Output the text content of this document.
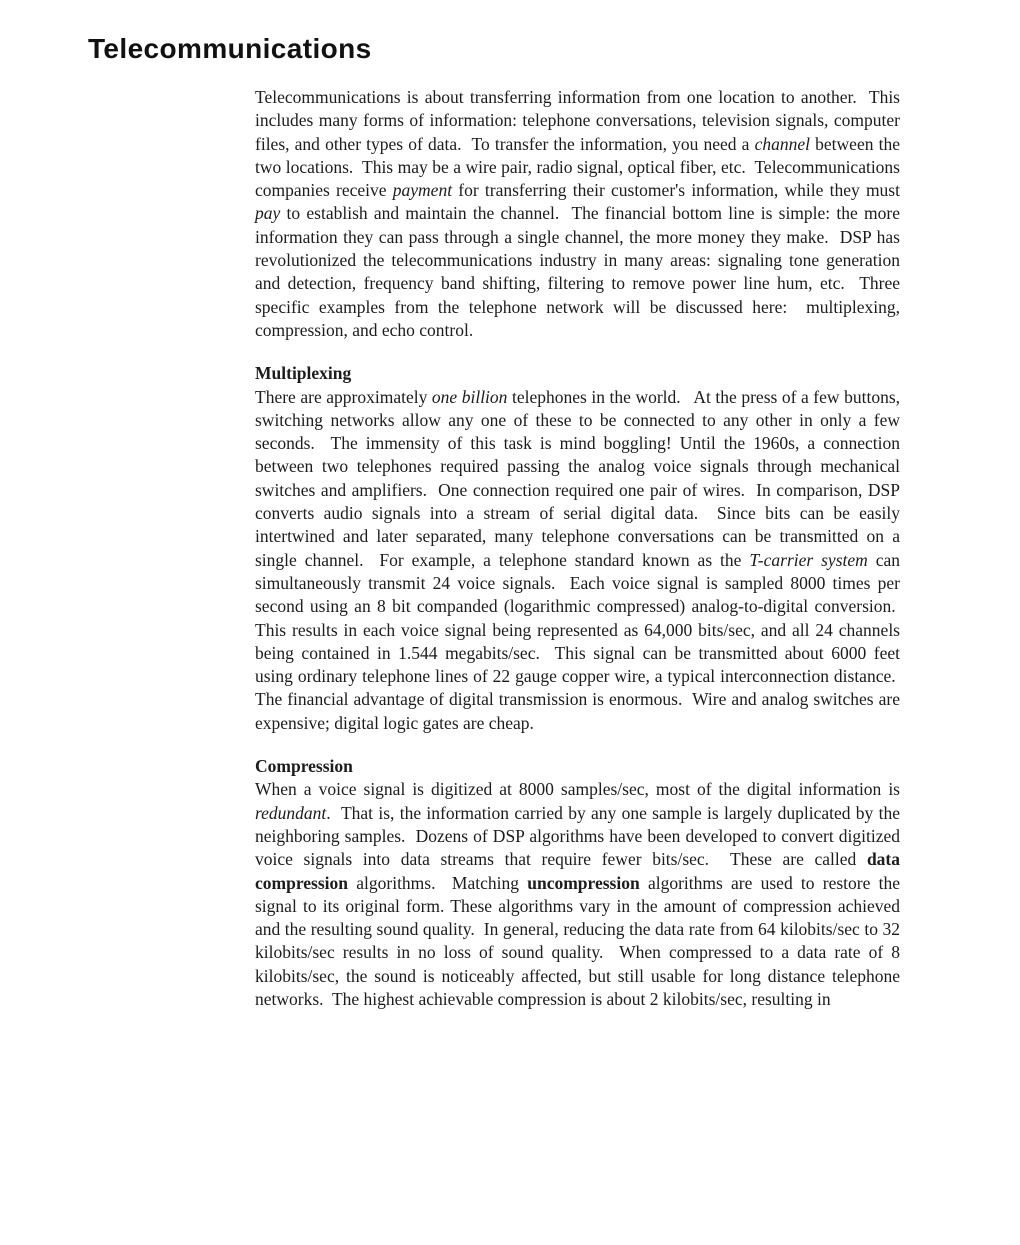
Telecommunications

Telecommunications is about transferring information from one location to another.  This includes many forms of information: telephone conversations, television signals, computer files, and other types of data.  To transfer the information, you need a channel between the two locations.  This may be a wire pair, radio signal, optical fiber, etc.  Telecommunications companies receive payment for transferring their customer's information, while they must pay to establish and maintain the channel.  The financial bottom line is simple: the more information they can pass through a single channel, the more money they make.  DSP has revolutionized the telecommunications industry in many areas: signaling tone generation and detection, frequency band shifting, filtering to remove power line hum, etc.  Three specific examples from the telephone network will be discussed here:  multiplexing, compression, and echo control.

Multiplexing

There are approximately one billion telephones in the world.   At the press of a few buttons, switching networks allow any one of these to be connected to any other in only a few seconds.  The immensity of this task is mind boggling! Until the 1960s, a connection between two telephones required passing the analog voice signals through mechanical switches and amplifiers.  One connection required one pair of wires.  In comparison, DSP converts audio signals into a stream of serial digital data.  Since bits can be easily intertwined and later separated, many telephone conversations can be transmitted on a single channel.  For example, a telephone standard known as the T-carrier system can simultaneously transmit 24 voice signals.  Each voice signal is sampled 8000 times per second using an 8 bit companded (logarithmic compressed) analog-to-digital conversion.  This results in each voice signal being represented as 64,000 bits/sec, and all 24 channels being contained in 1.544 megabits/sec.  This signal can be transmitted about 6000 feet using ordinary telephone lines of 22 gauge copper wire, a typical interconnection distance.  The financial advantage of digital transmission is enormous.  Wire and analog switches are expensive; digital logic gates are cheap.

Compression

When a voice signal is digitized at 8000 samples/sec, most of the digital information is redundant.  That is, the information carried by any one sample is largely duplicated by the neighboring samples.  Dozens of DSP algorithms have been developed to convert digitized voice signals into data streams that require fewer bits/sec.  These are called data compression algorithms.  Matching uncompression algorithms are used to restore the signal to its original form. These algorithms vary in the amount of compression achieved and the resulting sound quality.  In general, reducing the data rate from 64 kilobits/sec to 32 kilobits/sec results in no loss of sound quality.  When compressed to a data rate of 8 kilobits/sec, the sound is noticeably affected, but still usable for long distance telephone networks.  The highest achievable compression is about 2 kilobits/sec, resulting in
